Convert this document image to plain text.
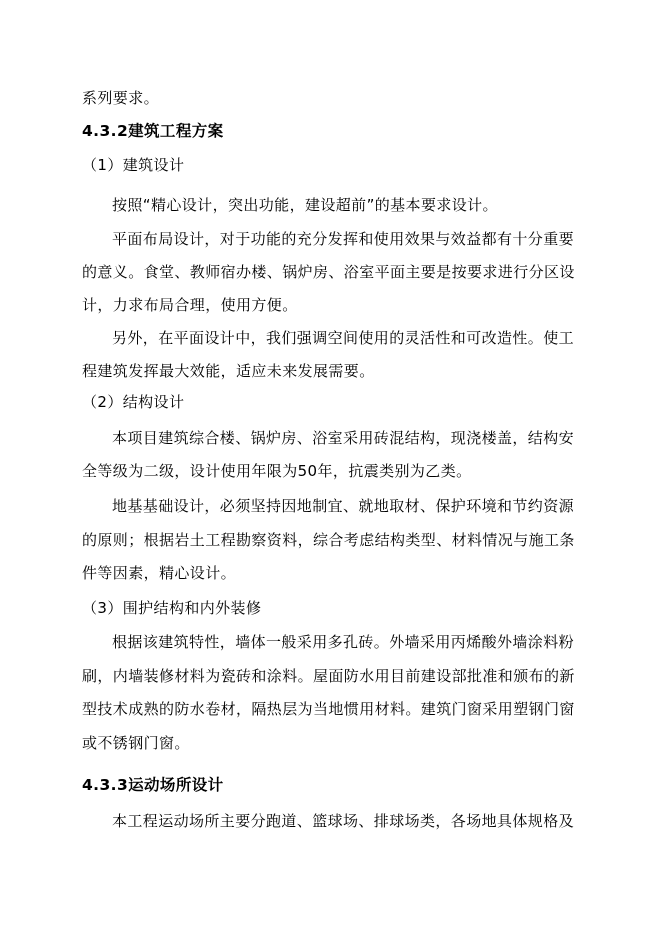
系列要求。
4.3.2建筑工程方案
（1）建筑设计
按照“精心设计，突出功能，建设超前”的基本要求设计。
平面布局设计，对于功能的充分发挥和使用效果与效益都有十分重要
的意义。食堂、教师宿办楼、锅炉房、浴室平面主要是按要求进行分区设
计，力求布局合理，使用方便。
另外，在平面设计中，我们强调空间使用的灵活性和可改造性。使工
程建筑发挥最大效能，适应未来发展需要。
（2）结构设计
本项目建筑综合楼、锅炉房、浴室采用砖混结构，现浇楼盖，结构安
全等级为二级，设计使用年限为50年，抗震类别为乙类。
地基基础设计，必须坚持因地制宜、就地取材、保护环境和节约资源
的原则；根据岩土工程勘察资料，综合考虑结构类型、材料情况与施工条
件等因素，精心设计。
（3）围护结构和内外装修
根据该建筑特性，墙体一般采用多孔砖。外墙采用丙烯酸外墙涂料粉
刷，内墙装修材料为瓷砖和涂料。屋面防水用目前建设部批准和颁布的新
型技术成熟的防水卷材，隔热层为当地惯用材料。建筑门窗采用塑钢门窗
或不锈钢门窗。
4.3.3运动场所设计
本工程运动场所主要分跑道、篮球场、排球场类，各场地具体规格及
